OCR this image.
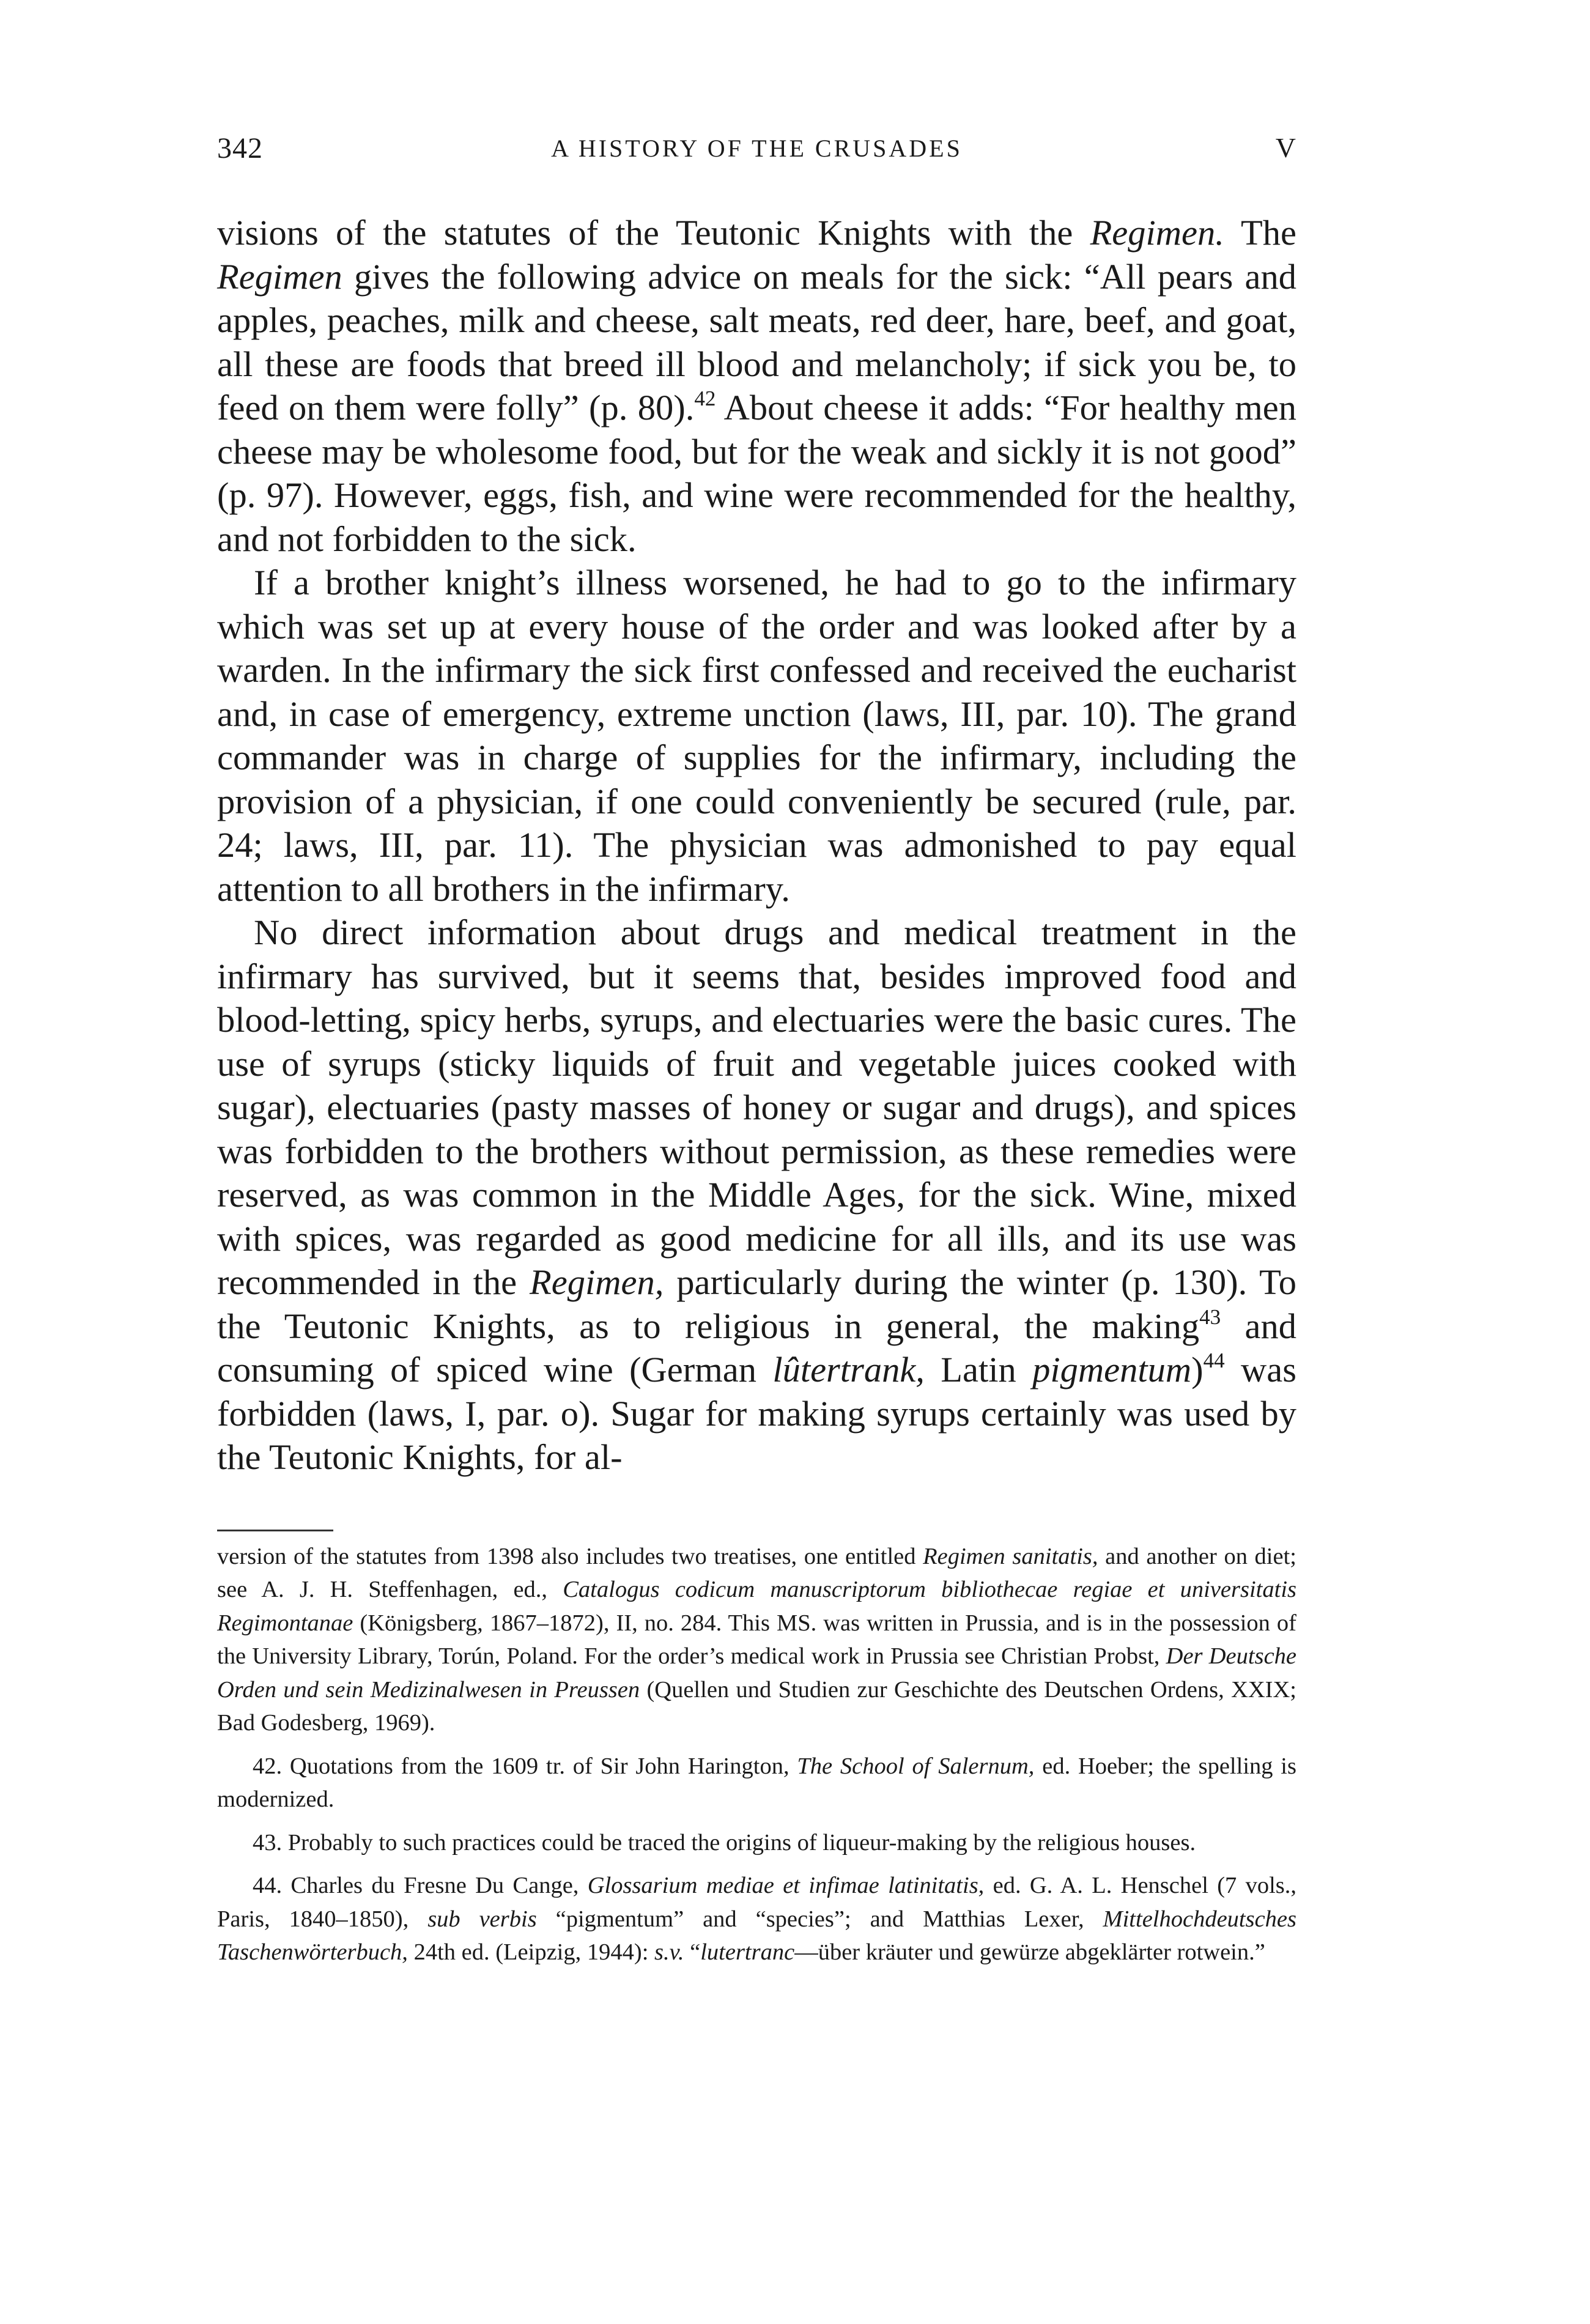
342	A HISTORY OF THE CRUSADES	V

visions of the statutes of the Teutonic Knights with the Regimen. The Regimen gives the following advice on meals for the sick: “All pears and apples, peaches, milk and cheese, salt meats, red deer, hare, beef, and goat, all these are foods that breed ill blood and melancholy; if sick you be, to feed on them were folly” (p. 80).$^{42}$ About cheese it adds: “For healthy men cheese may be wholesome food, but for the weak and sickly it is not good” (p. 97). However, eggs, fish, and wine were recommended for the healthy, and not forbidden to the sick.

If a brother knight’s illness worsened, he had to go to the infirmary which was set up at every house of the order and was looked after by a warden. In the infirmary the sick first confessed and received the eucharist and, in case of emergency, extreme unction (laws, III, par. 10). The grand commander was in charge of supplies for the infirmary, including the provision of a physician, if one could conveniently be secured (rule, par. 24; laws, III, par. 11). The physician was admonished to pay equal attention to all brothers in the infirmary.

No direct information about drugs and medical treatment in the infirmary has survived, but it seems that, besides improved food and blood-letting, spicy herbs, syrups, and electuaries were the basic cures. The use of syrups (sticky liquids of fruit and vegetable juices cooked with sugar), electuaries (pasty masses of honey or sugar and drugs), and spices was forbidden to the brothers without permission, as these remedies were reserved, as was common in the Middle Ages, for the sick. Wine, mixed with spices, was regarded as good medicine for all ills, and its use was recommended in the Regimen, particularly during the winter (p. 130). To the Teutonic Knights, as to religious in general, the making$^{43}$ and consuming of spiced wine (German lûtertrank, Latin pigmentum)$^{44}$ was forbidden (laws, I, par. o). Sugar for making syrups certainly was used by the Teutonic Knights, for al-

version of the statutes from 1398 also includes two treatises, one entitled Regimen sanitatis, and another on diet; see A. J. H. Steffenhagen, ed., Catalogus codicum manuscriptorum bibliothecae regiae et universitatis Regimontanae (Königsberg, 1867–1872), II, no. 284. This MS. was written in Prussia, and is in the possession of the University Library, Torún, Poland. For the order’s medical work in Prussia see Christian Probst, Der Deutsche Orden und sein Medizinalwesen in Preussen (Quellen und Studien zur Geschichte des Deutschen Ordens, XXIX; Bad Godesberg, 1969).

42. Quotations from the 1609 tr. of Sir John Harington, The School of Salernum, ed. Hoeber; the spelling is modernized.

43. Probably to such practices could be traced the origins of liqueur-making by the religious houses.

44. Charles du Fresne Du Cange, Glossarium mediae et infimae latinitatis, ed. G. A. L. Henschel (7 vols., Paris, 1840–1850), sub verbis “pigmentum” and “species”; and Matthias Lexer, Mittelhochdeutsches Taschenwörterbuch, 24th ed. (Leipzig, 1944): s.v. “lutertranc—über kräuter und gewürze abgeklärter rotwein.”
